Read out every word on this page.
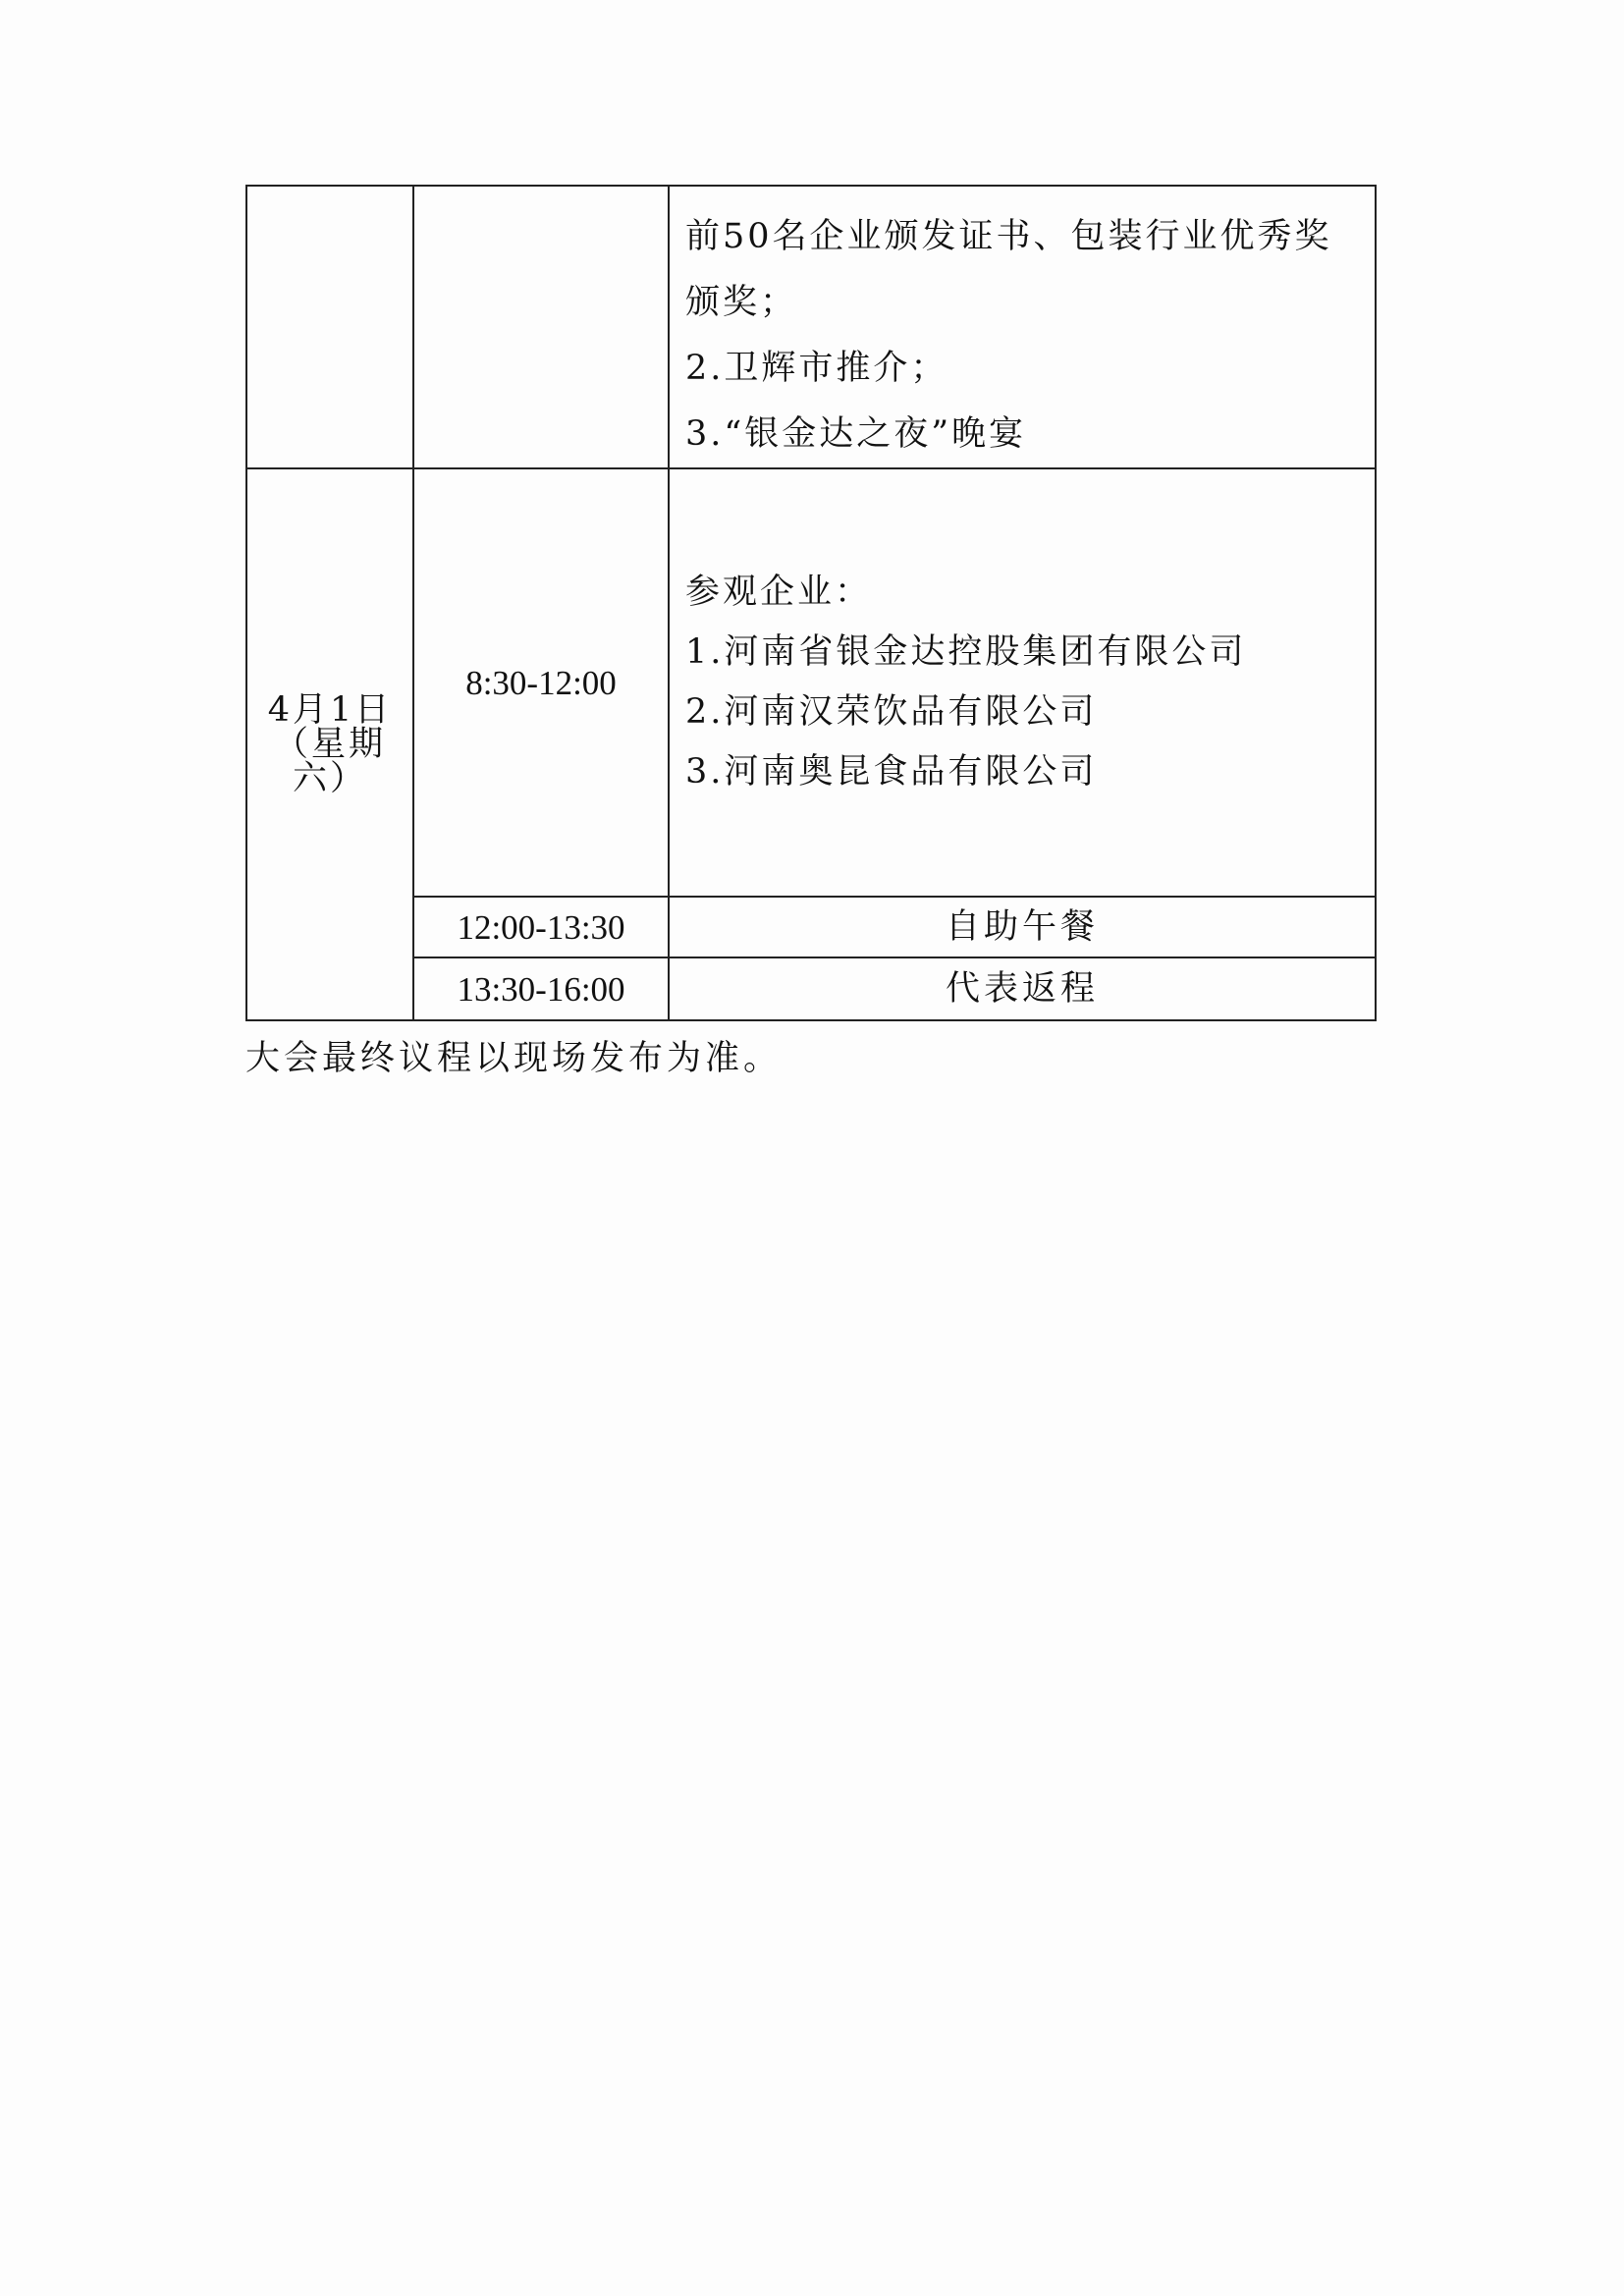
		前50名企业颁发证书、包装行业优秀奖
颁奖；
2.卫辉市推介；
3.“银金达之夜”晚宴

4月1日
（星期
六）	8:30-12:00	参观企业：
1.河南省银金达控股集团有限公司
2.河南汉荣饮品有限公司
3.河南奥昆食品有限公司

	12:00-13:30	自助午餐
	13:30-16:00	代表返程
大会最终议程以现场发布为准。
